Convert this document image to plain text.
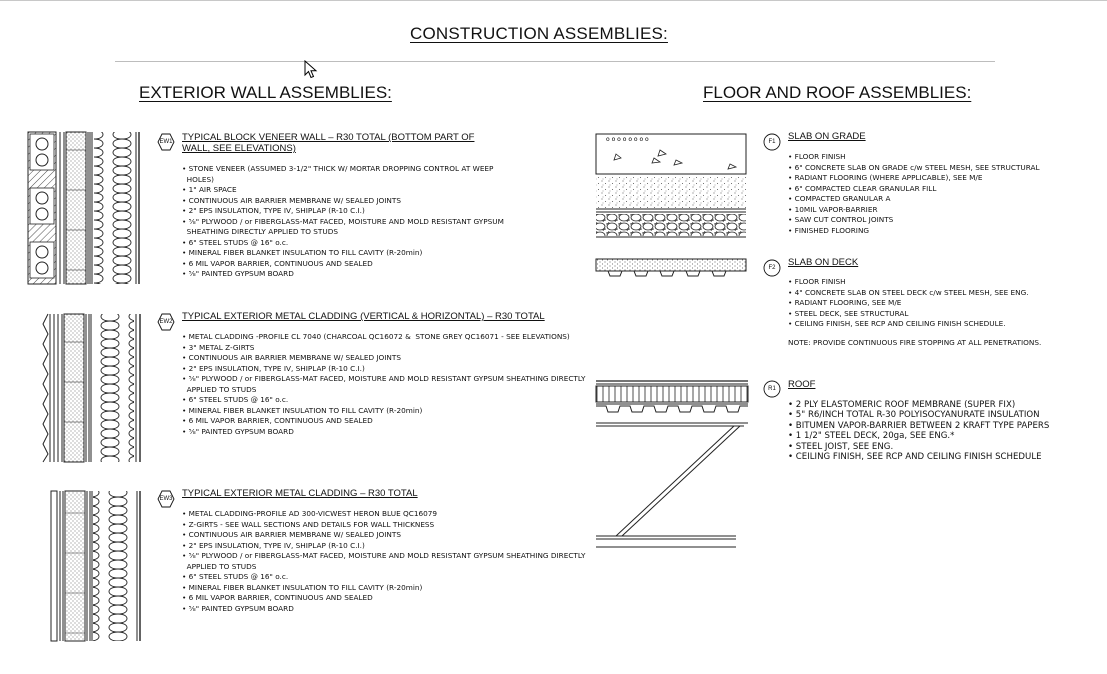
CONSTRUCTION ASSEMBLIES:
EXTERIOR WALL ASSEMBLIES:	FLOOR AND ROOF ASSEMBLIES:
EW1 TYPICAL BLOCK VENEER WALL – R30 TOTAL (BOTTOM PART OF
WALL, SEE ELEVATIONS)

• STONE VENEER (ASSUMED 3-1/2" THICK W/ MORTAR DROPPING CONTROL AT WEEP
HOLES)
• 1" AIR SPACE
• CONTINUOUS AIR BARRIER MEMBRANE W/ SEALED JOINTS
• 2" EPS INSULATION, TYPE IV, SHIPLAP (R-10 C.I.)
• ⅝" PLYWOOD / or FIBERGLASS-MAT FACED, MOISTURE AND MOLD RESISTANT GYPSUM
SHEATHING DIRECTLY APPLIED TO STUDS
• 6" STEEL STUDS @ 16" o.c.
• MINERAL FIBER BLANKET INSULATION TO FILL CAVITY (R-20min)
• 6 MIL VAPOR BARRIER, CONTINUOUS AND SEALED
• ⅝" PAINTED GYPSUM BOARD
EW2 TYPICAL EXTERIOR METAL CLADDING (VERTICAL & HORIZONTAL) – R30 TOTAL

• METAL CLADDING -PROFILE CL 7040 (CHARCOAL QC16072 &  STONE GREY QC16071 - SEE ELEVATIONS)
• 3" METAL Z-GIRTS
• CONTINUOUS AIR BARRIER MEMBRANE W/ SEALED JOINTS
• 2" EPS INSULATION, TYPE IV, SHIPLAP (R-10 C.I.)
• ⅝" PLYWOOD / or FIBERGLASS-MAT FACED, MOISTURE AND MOLD RESISTANT GYPSUM SHEATHING DIRECTLY
APPLIED TO STUDS
• 6" STEEL STUDS @ 16" o.c.
• MINERAL FIBER BLANKET INSULATION TO FILL CAVITY (R-20min)
• 6 MIL VAPOR BARRIER, CONTINUOUS AND SEALED
• ⅝" PAINTED GYPSUM BOARD
EW3 TYPICAL EXTERIOR METAL CLADDING – R30 TOTAL

• METAL CLADDING-PROFILE AD 300-VICWEST HERON BLUE QC16079
• Z-GIRTS - SEE WALL SECTIONS AND DETAILS FOR WALL THICKNESS
• CONTINUOUS AIR BARRIER MEMBRANE W/ SEALED JOINTS
• 2" EPS INSULATION, TYPE IV, SHIPLAP (R-10 C.I.)
• ⅝" PLYWOOD / or FIBERGLASS-MAT FACED, MOISTURE AND MOLD RESISTANT GYPSUM SHEATHING DIRECTLY
APPLIED TO STUDS
• 6" STEEL STUDS @ 16" o.c.
• MINERAL FIBER BLANKET INSULATION TO FILL CAVITY (R-20min)
• 6 MIL VAPOR BARRIER, CONTINUOUS AND SEALED
• ⅝" PAINTED GYPSUM BOARD
o o o o o o o o	F1	SLAB ON GRADE

• FLOOR FINISH
• 6" CONCRETE SLAB ON GRADE c/w STEEL MESH, SEE STRUCTURAL
• RADIANT FLOORING (WHERE APPLICABLE), SEE M/E
• 6" COMPACTED CLEAR GRANULAR FILL
• COMPACTED GRANULAR A
• 10MIL VAPOR-BARRIER
• SAW CUT CONTROL JOINTS
• FINISHED FLOORING
F2	SLAB ON DECK

• FLOOR FINISH
• 4" CONCRETE SLAB ON STEEL DECK c/w STEEL MESH, SEE ENG.
• RADIANT FLOORING, SEE M/E
• STEEL DECK, SEE STRUCTURAL
• CEILING FINISH, SEE RCP AND CEILING FINISH SCHEDULE.
NOTE: PROVIDE CONTINUOUS FIRE STOPPING AT ALL PENETRATIONS.
R1	ROOF

• 2 PLY ELASTOMERIC ROOF MEMBRANE (SUPER FIX)
• 5" R6/INCH TOTAL R-30 POLYISOCYANURATE INSULATION
• BITUMEN VAPOR-BARRIER BETWEEN 2 KRAFT TYPE PAPERS
• 1 1/2" STEEL DECK, 20ga, SEE ENG.*
• STEEL JOIST, SEE ENG.
• CEILING FINISH, SEE RCP AND CEILING FINISH SCHEDULE
